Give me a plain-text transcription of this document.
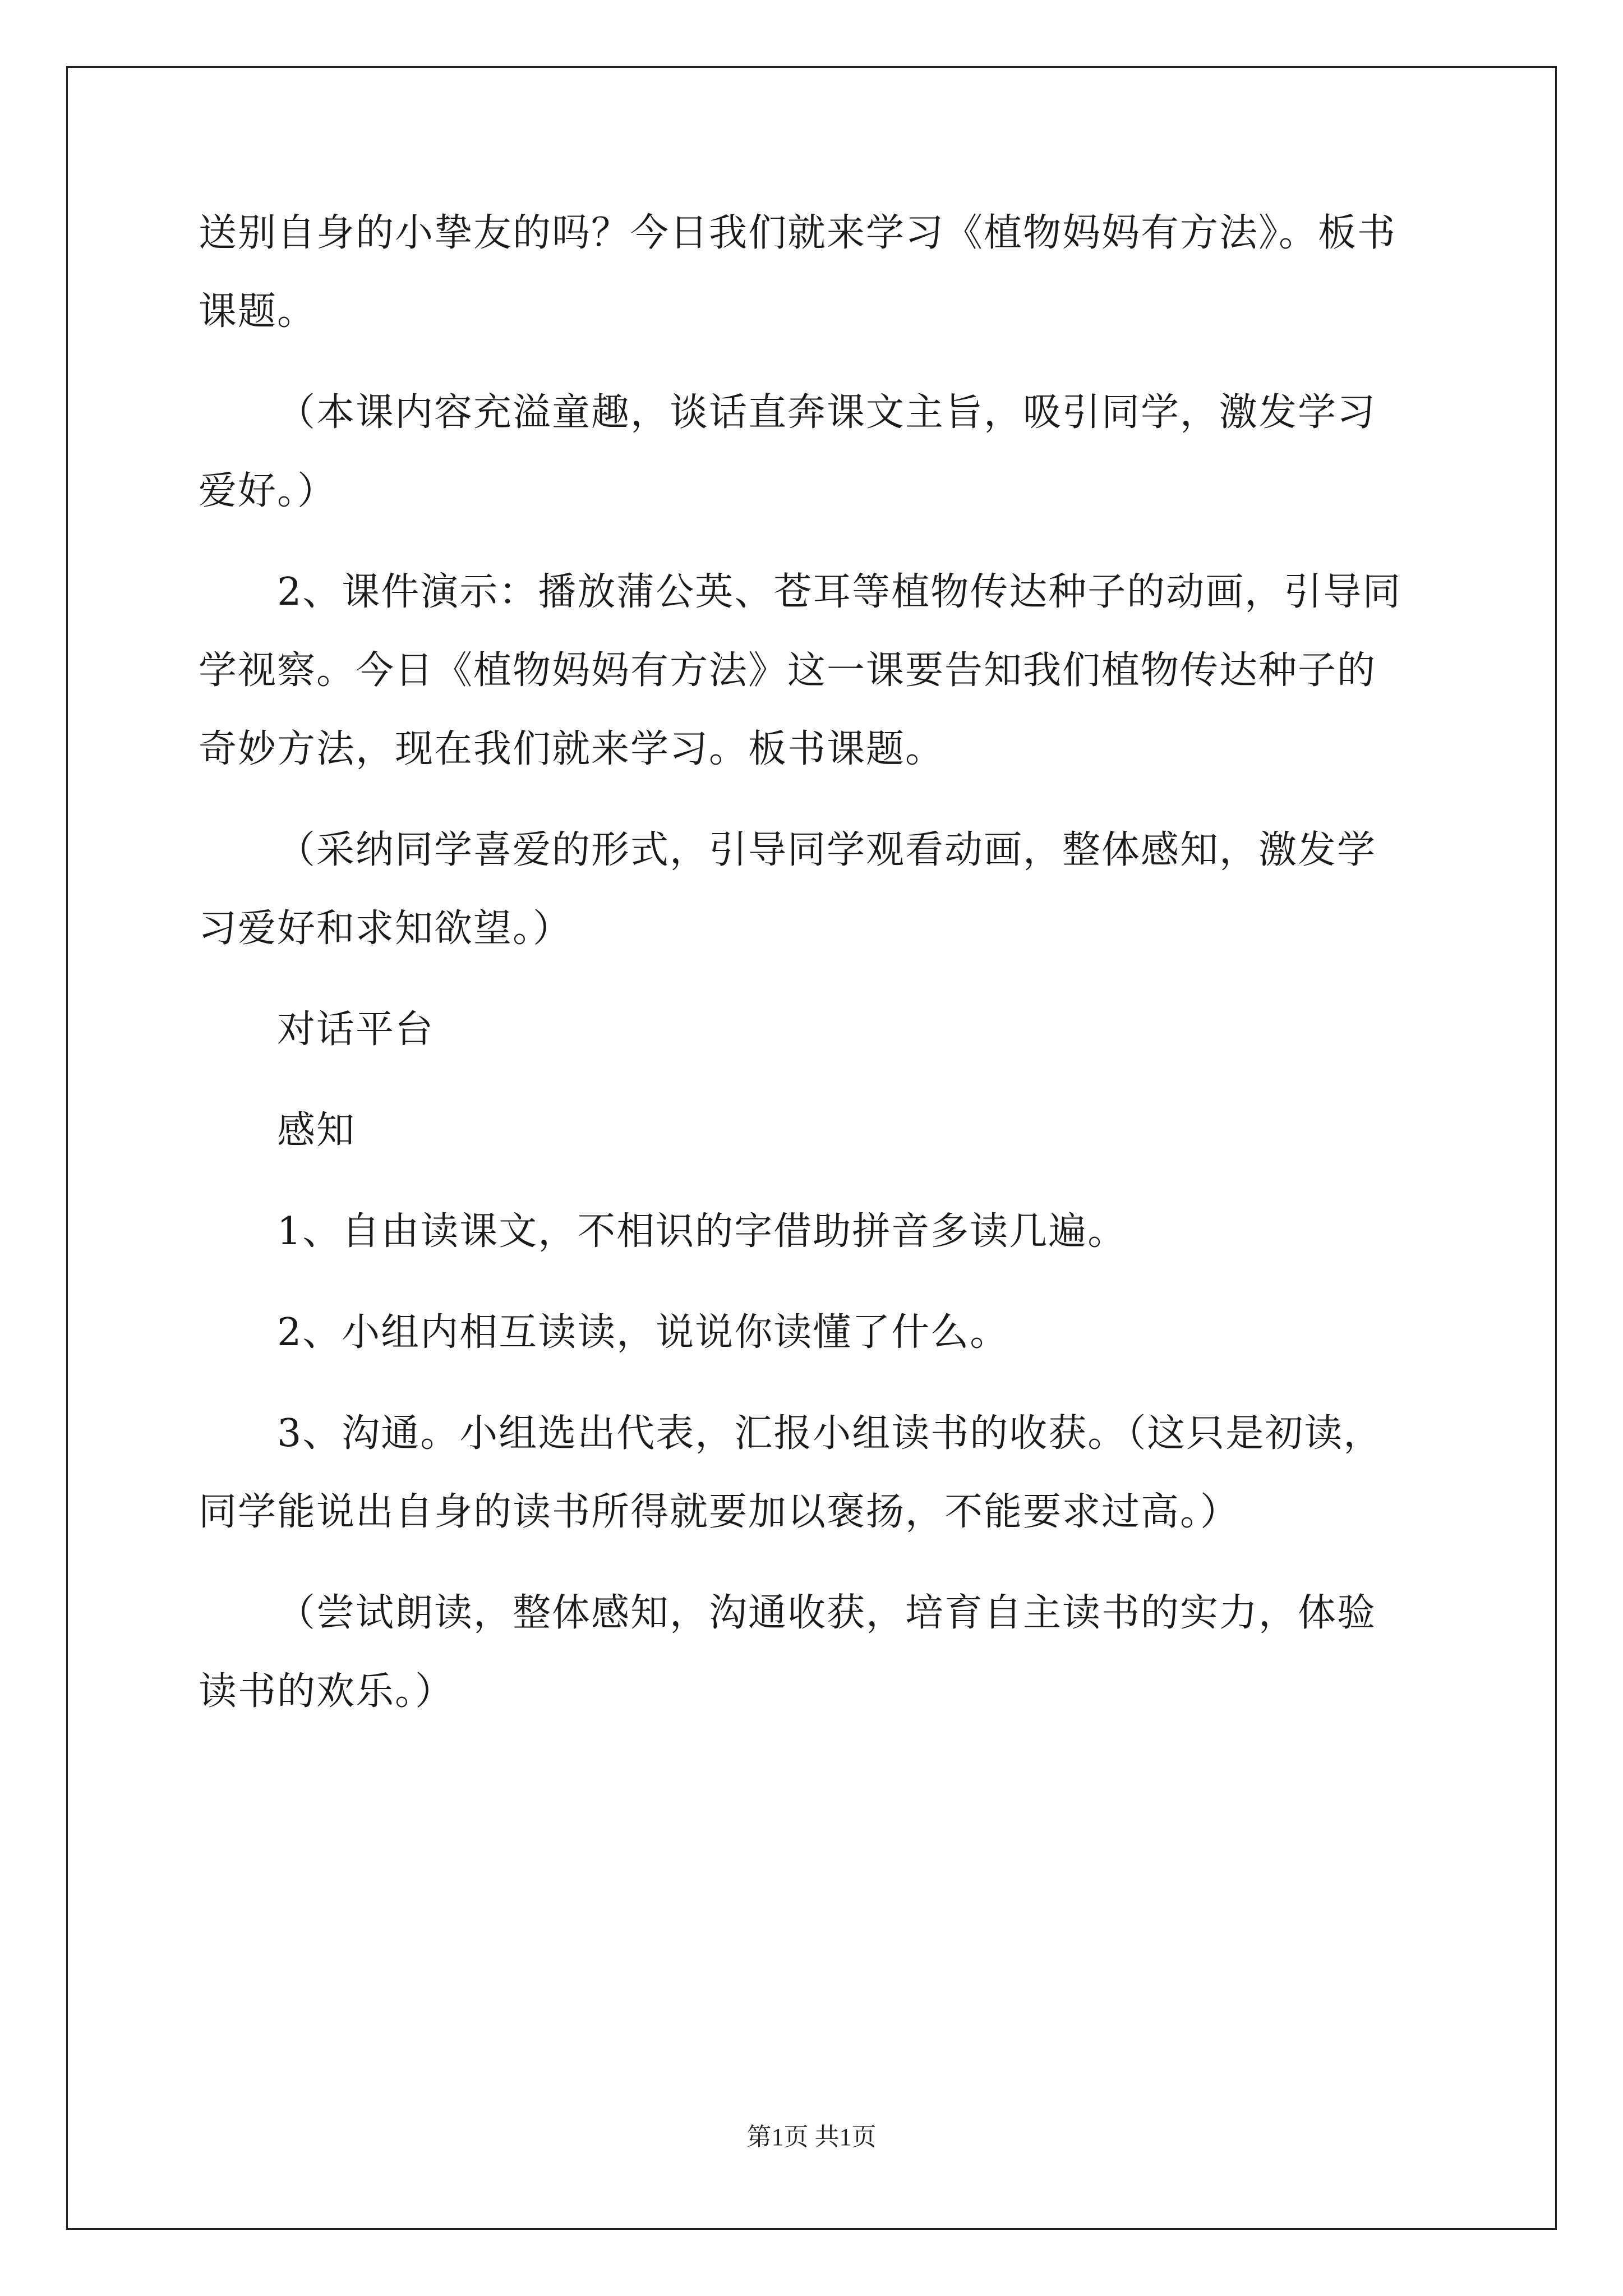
送别自身的小挚友的吗？今日我们就来学习《植物妈妈有方法》。板书
课题。
（本课内容充溢童趣，谈话直奔课文主旨，吸引同学，激发学习
爱好。）
2、课件演示：播放蒲公英、苍耳等植物传达种子的动画，引导同
学视察。今日《植物妈妈有方法》这一课要告知我们植物传达种子的
奇妙方法，现在我们就来学习。板书课题。
（采纳同学喜爱的形式，引导同学观看动画，整体感知，激发学
习爱好和求知欲望。）
对话平台
感知
1、自由读课文，不相识的字借助拼音多读几遍。
2、小组内相互读读，说说你读懂了什么。
3、沟通。小组选出代表，汇报小组读书的收获。（这只是初读，
同学能说出自身的读书所得就要加以褒扬，不能要求过高。）
（尝试朗读，整体感知，沟通收获，培育自主读书的实力，体验
读书的欢乐。）
第1页 共1页
